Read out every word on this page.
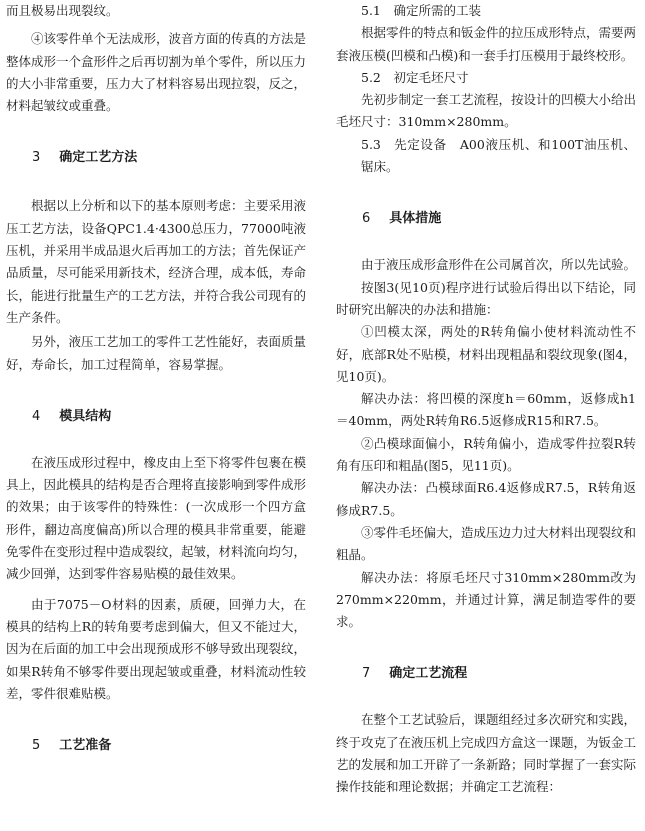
而且极易出现裂纹。

④该零件单个无法成形，波音方面的传真的方法是整体成形一个盒形件之后再切割为单个零件，所以压力的大小非常重要，压力大了材料容易出现拉裂，反之，材料起皱纹或重叠。

3 确定工艺方法

根据以上分析和以下的基本原则考虑：主要采用液压工艺方法，设备QPC1.4·4300总压力，77000吨液压机，并采用半成品退火后再加工的方法；首先保证产品质量，尽可能采用新技术，经济合理，成本低，寿命长，能进行批量生产的工艺方法，并符合我公司现有的生产条件。

另外，液压工艺加工的零件工艺性能好，表面质量好，寿命长，加工过程简单，容易掌握。

4 模具结构

在液压成形过程中，橡皮由上至下将零件包裹在模具上，因此模具的结构是否合理将直接影响到零件成形的效果；由于该零件的特殊性：(一次成形一个四方盒形件，翻边高度偏高)所以合理的模具非常重要，能避免零件在变形过程中造成裂纹，起皱，材料流向均匀，减少回弹，达到零件容易贴模的最佳效果。

由于7075－O材料的因素，质硬，回弹力大，在模具的结构上R的转角要考虑到偏大，但又不能过大，因为在后面的加工中会出现预成形不够导致出现裂纹，如果R转角不够零件要出现起皱或重叠，材料流动性较差，零件很难贴模。

5 工艺准备
5.1 确定所需的工装

根据零件的特点和钣金件的拉压成形特点，需要两套液压模(凹模和凸模)和一套手打压模用于最终校形。

5.2 初定毛坯尺寸

先初步制定一套工艺流程，按设计的凹模大小给出毛坯尺寸：310mm×280mm。

5.3 先定设备　 A00液压机、和100T油压机、锯床。

6 具体措施

由于液压成形盒形件在公司属首次，所以先试验。

按图3(见10页)程序进行试验后得出以下结论，同时研究出解决的办法和措施：

①凹模太深，两处的R转角偏小使材料流动性不好，底部R处不贴模，材料出现粗晶和裂纹现象(图4，见10页)。

解决办法：将凹模的深度h＝60mm，返修成h1＝40mm，两处R转角R6.5返修成R15和R7.5。

②凸模球面偏小，R转角偏小，造成零件拉裂R转角有压印和粗晶(图5，见11页)。

解决办法：凸模球面R6.4返修成R7.5，R转角返修成R7.5。

③零件毛坯偏大，造成压边力过大材料出现裂纹和粗晶。

解决办法：将原毛坯尺寸310mm×280mm改为270mm×220mm，并通过计算，满足制造零件的要求。

7 确定工艺流程

在整个工艺试验后，课题组经过多次研究和实践，终于攻克了在液压机上完成四方盒这一课题，为钣金工艺的发展和加工开辟了一条新路；同时掌握了一套实际操作技能和理论数据；并确定工艺流程：
